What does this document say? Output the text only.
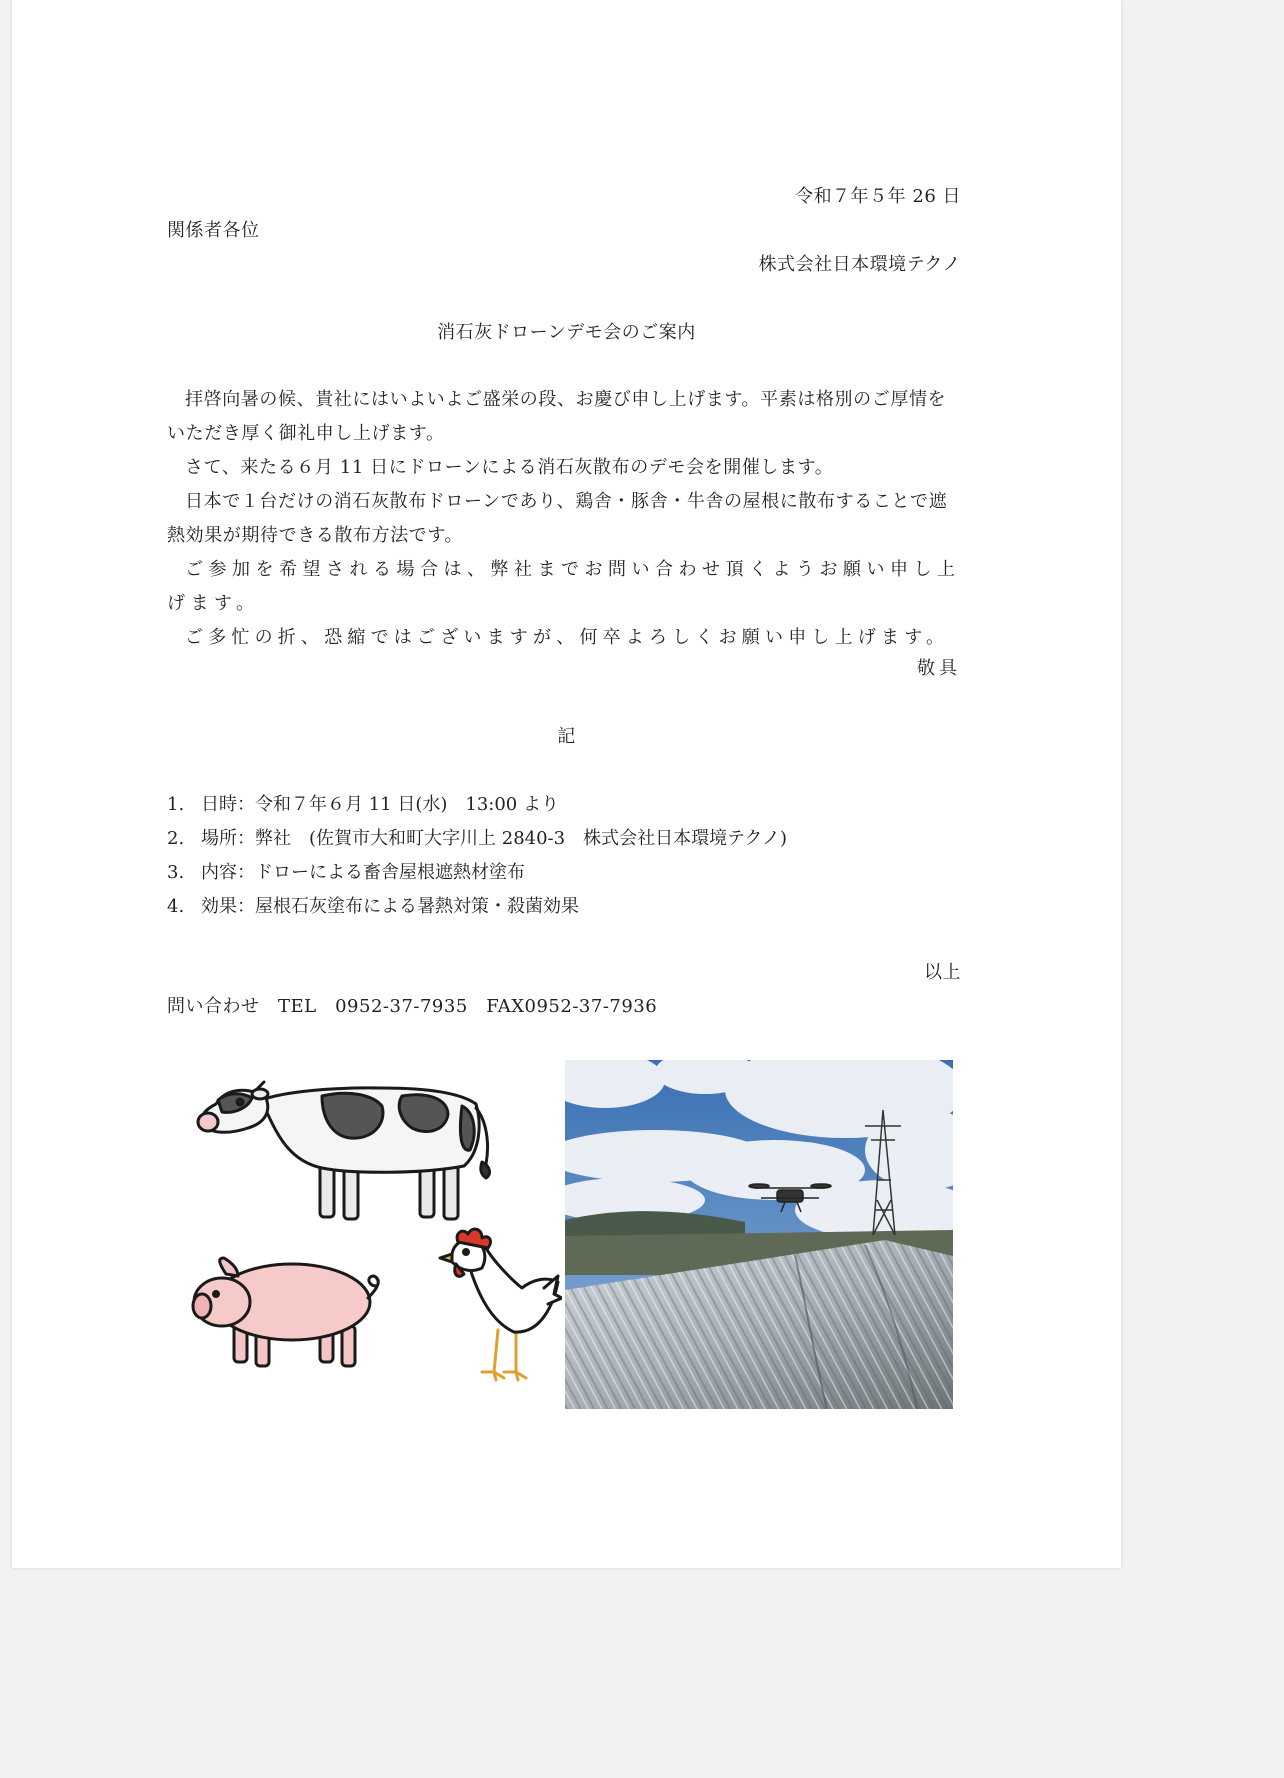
令和７年５年 26 日
関係者各位
株式会社日本環境テクノ
消石灰ドローンデモ会のご案内

拝啓向暑の候、貴社にはいよいよご盛栄の段、お慶び申し上げます。平素は格別のご厚情をいただき厚く御礼申し上げます。

さて、来たる６月 11 日にドローンによる消石灰散布のデモ会を開催します。

日本で１台だけの消石灰散布ドローンであり、鶏舎・豚舎・牛舎の屋根に散布することで遮熱効果が期待できる散布方法です。

ご参加を希望される場合は、弊社までお問い合わせ頂くようお願い申し上げます。

ご多忙の折、恐縮ではございますが、何卒よろしくお願い申し上げます。

敬具
記
1. 日時：令和７年６月 11 日(水)　13:00 より
2. 場所：弊社　(佐賀市大和町大字川上 2840-3　株式会社日本環境テクノ)
3. 内容：ドローによる畜舎屋根遮熱材塗布
4. 効果：屋根石灰塗布による暑熱対策・殺菌効果
以上
問い合わせ　TEL　0952-37-7935　FAX0952-37-7936
